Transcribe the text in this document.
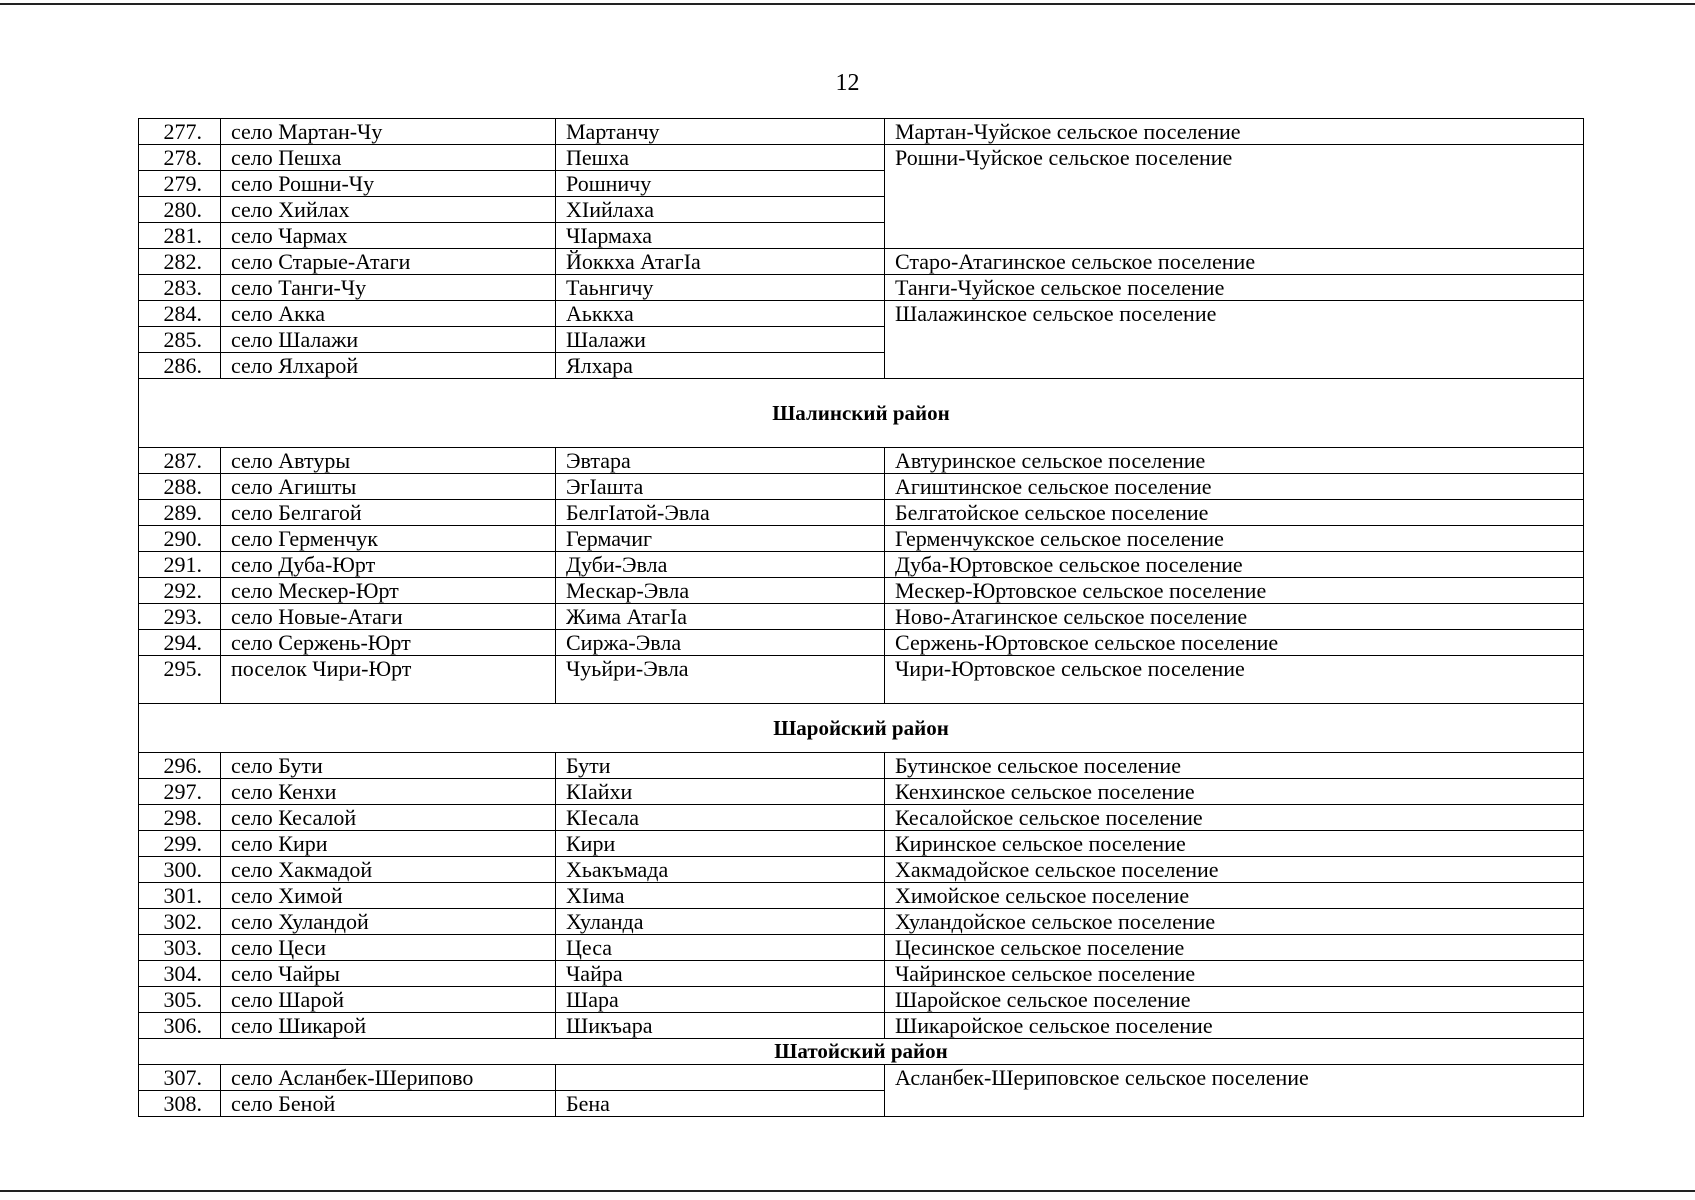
12
277.	село Мартан-Чу	Мартанчу	Мартан-Чуйское сельское поселение
278.	село Пешха	Пешха	Рошни-Чуйское сельское поселение
279.	село Рошни-Чу	Рошничу	
280.	село Хийлах	ХIийлаха	
281.	село Чармах	ЧIармаха	
282.	село Старые-Атаги	Йоккха АтагIа	Старо-Атагинское сельское поселение
283.	село Танги-Чу	Таьнгичу	Танги-Чуйское сельское поселение
284.	село Акка	Аьккха	Шалажинское сельское поселение
285.	село Шалажи	Шалажи	
286.	село Ялхарой	Ялхара	
Шалинский район			
287.	село Автуры	Эвтара	Автуринское сельское поселение
288.	село Агишты	ЭгIашта	Агиштинское сельское поселение
289.	село Белгагой	БелгIатой-Эвла	Белгатойское сельское поселение
290.	село Герменчук	Гермачиг	Герменчукское сельское поселение
291.	село Дуба-Юрт	Дуби-Эвла	Дуба-Юртовское сельское поселение
292.	село Мескер-Юрт	Мескар-Эвла	Мескер-Юртовское сельское поселение
293.	село Новые-Атаги	Жима АтагIа	Ново-Атагинское сельское поселение
294.	село Сержень-Юрт	Сиржа-Эвла	Сержень-Юртовское сельское поселение
295.	поселок Чири-Юрт	Чуьйри-Эвла	Чири-Юртовское сельское поселение
Шаройский район			
296.	село Бути	Бути	Бутинское сельское поселение
297.	село Кенхи	КIайхи	Кенхинское сельское поселение
298.	село Кесалой	КIесала	Кесалойское сельское поселение
299.	село Кири	Кири	Киринское сельское поселение
300.	село Хакмадой	Хьакъмада	Хакмадойское сельское поселение
301.	село Химой	ХIима	Химойское сельское поселение
302.	село Хуландой	Хуланда	Хуландойское сельское поселение
303.	село Цеси	Цеса	Цесинское сельское поселение
304.	село Чайры	Чайра	Чайринское сельское поселение
305.	село Шарой	Шара	Шаройское сельское поселение
306.	село Шикарой	Шикъара	Шикаройское сельское поселение
Шатойский район			
307.	село Асланбек-Шерипово		Асланбек-Шериповское сельское поселение
308.	село Беной	Бена	
